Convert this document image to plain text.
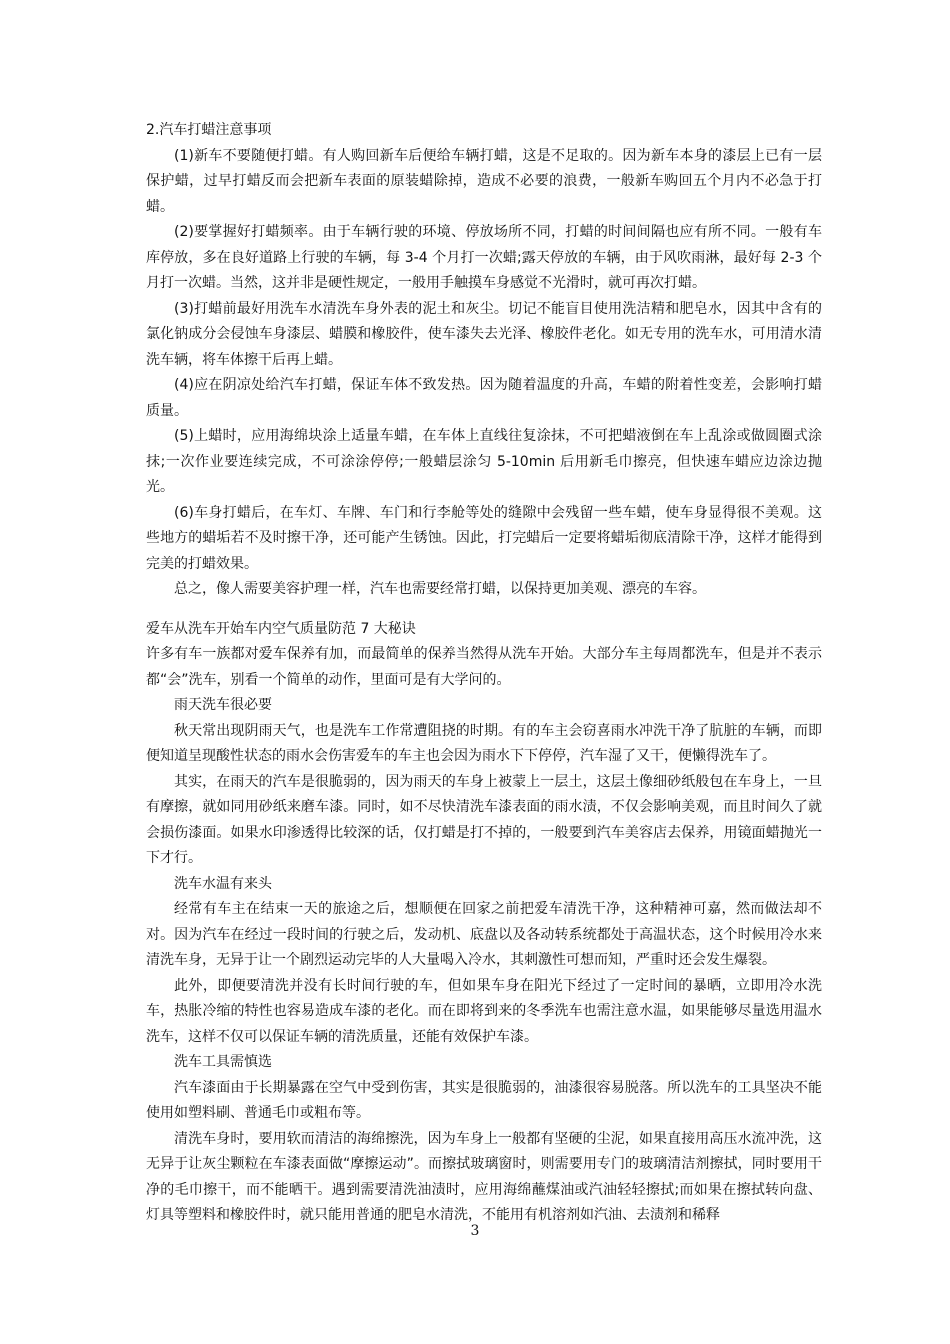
2.汽车打蜡注意事项

(1)新车不要随便打蜡。有人购回新车后便给车辆打蜡，这是不足取的。因为新车本身的漆层上已有一层保护蜡，过早打蜡反而会把新车表面的原装蜡除掉，造成不必要的浪费，一般新车购回五个月内不必急于打蜡。

(2)要掌握好打蜡频率。由于车辆行驶的环境、停放场所不同，打蜡的时间间隔也应有所不同。一般有车库停放，多在良好道路上行驶的车辆，每 3-4 个月打一次蜡;露天停放的车辆，由于风吹雨淋，最好每 2-3 个月打一次蜡。当然，这并非是硬性规定，一般用手触摸车身感觉不光滑时，就可再次打蜡。

(3)打蜡前最好用洗车水清洗车身外表的泥土和灰尘。切记不能盲目使用洗洁精和肥皂水，因其中含有的氯化钠成分会侵蚀车身漆层、蜡膜和橡胶件，使车漆失去光泽、橡胶件老化。如无专用的洗车水，可用清水清洗车辆，将车体擦干后再上蜡。

(4)应在阴凉处给汽车打蜡，保证车体不致发热。因为随着温度的升高，车蜡的附着性变差，会影响打蜡质量。

(5)上蜡时，应用海绵块涂上适量车蜡，在车体上直线往复涂抹，不可把蜡液倒在车上乱涂或做圆圈式涂抹;一次作业要连续完成，不可涂涂停停;一般蜡层涂匀 5-10min 后用新毛巾擦亮，但快速车蜡应边涂边抛光。

(6)车身打蜡后，在车灯、车牌、车门和行李舱等处的缝隙中会残留一些车蜡，使车身显得很不美观。这些地方的蜡垢若不及时擦干净，还可能产生锈蚀。因此，打完蜡后一定要将蜡垢彻底清除干净，这样才能得到完美的打蜡效果。

总之，像人需要美容护理一样，汽车也需要经常打蜡，以保持更加美观、漂亮的车容。

爱车从洗车开始车内空气质量防范 7 大秘诀

许多有车一族都对爱车保养有加，而最简单的保养当然得从洗车开始。大部分车主每周都洗车，但是并不表示都“会”洗车，别看一个简单的动作，里面可是有大学问的。

雨天洗车很必要

秋天常出现阴雨天气，也是洗车工作常遭阻挠的时期。有的车主会窃喜雨水冲洗干净了肮脏的车辆，而即便知道呈现酸性状态的雨水会伤害爱车的车主也会因为雨水下下停停，汽车湿了又干，便懒得洗车了。

其实，在雨天的汽车是很脆弱的，因为雨天的车身上被蒙上一层土，这层土像细砂纸般包在车身上，一旦有摩擦，就如同用砂纸来磨车漆。同时，如不尽快清洗车漆表面的雨水渍，不仅会影响美观，而且时间久了就会损伤漆面。如果水印渗透得比较深的话，仅打蜡是打不掉的，一般要到汽车美容店去保养，用镜面蜡抛光一下才行。

洗车水温有来头

经常有车主在结束一天的旅途之后，想顺便在回家之前把爱车清洗干净，这种精神可嘉，然而做法却不对。因为汽车在经过一段时间的行驶之后，发动机、底盘以及各动转系统都处于高温状态，这个时候用冷水来清洗车身，无异于让一个剧烈运动完毕的人大量喝入冷水，其刺激性可想而知，严重时还会发生爆裂。

此外，即便要清洗并没有长时间行驶的车，但如果车身在阳光下经过了一定时间的暴晒，立即用冷水洗车，热胀冷缩的特性也容易造成车漆的老化。而在即将到来的冬季洗车也需注意水温，如果能够尽量选用温水洗车，这样不仅可以保证车辆的清洗质量，还能有效保护车漆。

洗车工具需慎选

汽车漆面由于长期暴露在空气中受到伤害，其实是很脆弱的，油漆很容易脱落。所以洗车的工具坚决不能使用如塑料刷、普通毛巾或粗布等。

清洗车身时，要用软而清洁的海绵擦洗，因为车身上一般都有坚硬的尘泥，如果直接用高压水流冲洗，这无异于让灰尘颗粒在车漆表面做“摩擦运动”。而擦拭玻璃窗时，则需要用专门的玻璃清洁剂擦拭，同时要用干净的毛巾擦干，而不能晒干。遇到需要清洗油渍时，应用海绵蘸煤油或汽油轻轻擦拭;而如果在擦拭转向盘、灯具等塑料和橡胶件时，就只能用普通的肥皂水清洗，不能用有机溶剂如汽油、去渍剂和稀释

3
